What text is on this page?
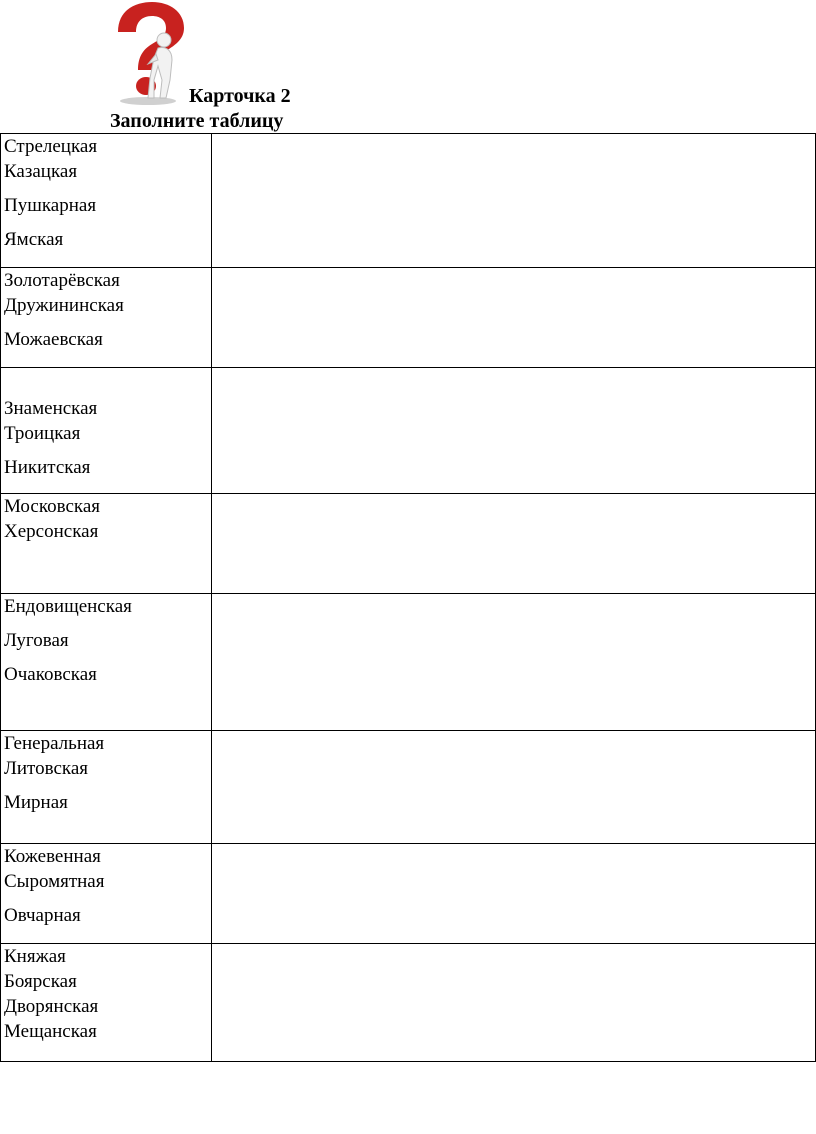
Карточка 2
Заполните таблицу
Стрелецкая
Казацкая
Пушкарная
Ямская	

Золотарёвская
Дружининская
Можаевская	

Знаменская
Троицкая
Никитская	

Московская
Херсонская	

Ендовищенская
Луговая
Очаковская	

Генеральная
Литовская
Мирная	

Кожевенная
Сыромятная
Овчарная	

Княжая
Боярская
Дворянская
Мещанская	
